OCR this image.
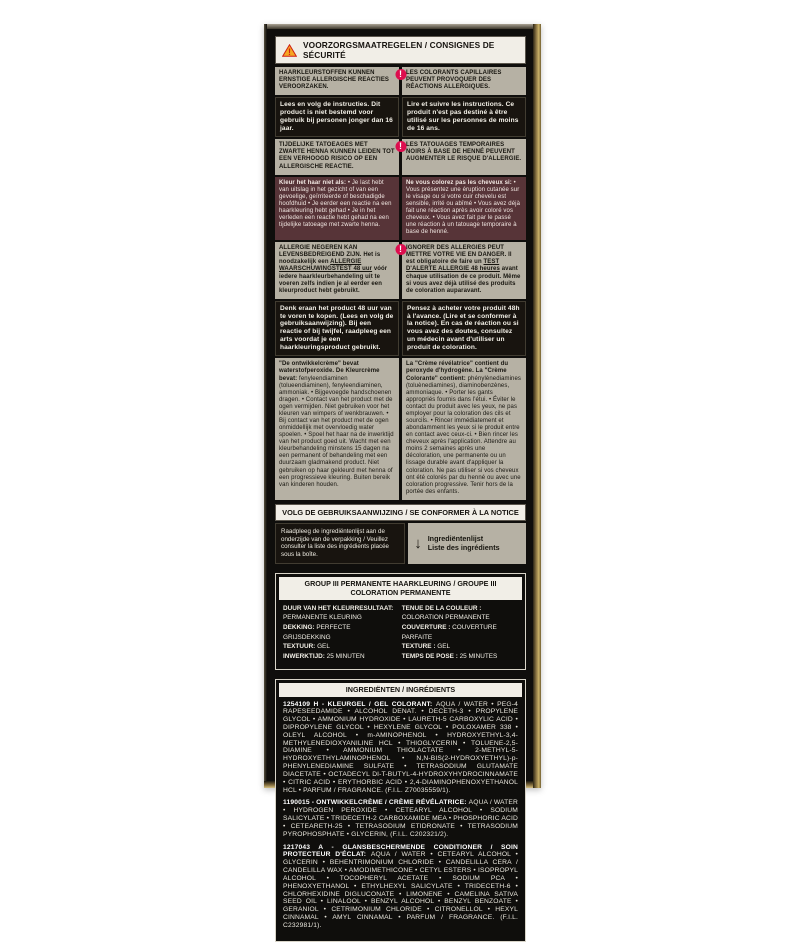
!
VOORZORGSMAATREGELEN / CONSIGNES DE SÉCURITÉ
!
HAARKLEURSTOFFEN KUNNEN ERNSTIGE ALLERGISCHE REACTIES VEROORZAKEN.
LES COLORANTS CAPILLAIRES PEUVENT PROVOQUER DES RÉACTIONS ALLERGIQUES.
Lees en volg de instructies. Dit product is niet bestemd voor gebruik bij personen jonger dan 16 jaar.
Lire et suivre les instructions. Ce produit n'est pas destiné à être utilisé sur les personnes de moins de 16 ans.
!
TIJDELIJKE TATOEAGES MET ZWARTE HENNA KUNNEN LEIDEN TOT EEN VERHOOGD RISICO OP EEN ALLERGISCHE REACTIE.
LES TATOUAGES TEMPORAIRES NOIRS À BASE DE HENNÉ PEUVENT AUGMENTER LE RISQUE D'ALLERGIE.
Kleur het haar niet als: • Je last hebt van uitslag in het gezicht of van een gevoelige, geïrriteerde of beschadigde hoofdhuid • Je eerder een reactie na een haarkleuring hebt gehad • Je in het verleden een reactie hebt gehad na een tijdelijke tatoeage met zwarte henna.
Ne vous colorez pas les cheveux si: • Vous présentez une éruption cutanée sur le visage ou si votre cuir chevelu est sensible, irrité ou abîmé • Vous avez déjà fait une réaction après avoir coloré vos cheveux. • Vous avez fait par le passé une réaction à un tatouage temporaire à base de henné.
!
ALLERGIE NEGEREN KAN LEVENSBEDREIGEND ZIJN. Het is noodzakelijk een ALLERGIE WAARSCHUWINGSTEST 48 uur vóór iedere haarkleurbehandeling uit te voeren zelfs indien je al eerder een kleurproduct hebt gebruikt.
IGNORER DES ALLERGIES PEUT METTRE VOTRE VIE EN DANGER. Il est obligatoire de faire un TEST D'ALERTE ALLERGIE 48 heures avant chaque utilisation de ce produit. Même si vous avez déjà utilisé des produits de coloration auparavant.
Denk eraan het product 48 uur van te voren te kopen. (Lees en volg de gebruiksaanwijzing). Bij een reactie of bij twijfel, raadpleeg een arts voordat je een haarkleuringsproduct gebruikt.
Pensez à acheter votre produit 48h à l'avance. (Lire et se conformer à la notice). En cas de réaction ou si vous avez des doutes, consultez un médecin avant d'utiliser un produit de coloration.
"De ontwikkelcrème" bevat waterstofperoxide. De Kleurcrème bevat: fenyleendiaminen (tolueendiaminen), fenyleendiaminen, ammoniak. • Bijgevoegde handschoenen dragen. • Contact van het product met de ogen vermijden. Niet gebruiken voor het kleuren van wimpers of wenkbrauwen. • Bij contact van het product met de ogen onmiddellijk met overvloedig water spoelen. • Spoel het haar na de inwerktijd van het product goed uit. Wacht met een kleurbehandeling minstens 15 dagen na een permanent of behandeling met een duurzaam gladmakend product. Niet gebruiken op haar gekleurd met henna of een progressieve kleuring. Buiten bereik van kinderen houden.
La "Crème révélatrice" contient du peroxyde d'hydrogène. La "Crème Colorante" contient: phénylènediamines (toluènediamines), diaminobenzènes, ammoniaque. • Porter les gants appropriés fournis dans l'étui. • Éviter le contact du produit avec les yeux, ne pas employer pour la coloration des cils et sourcils. • Rincer immédiatement et abondamment les yeux si le produit entre en contact avec ceux-ci. • Bien rincer les cheveux après l'application. Attendre au moins 2 semaines après une décoloration, une permanente ou un lissage durable avant d'appliquer la coloration. Ne pas utiliser si vos cheveux ont été colorés par du henné ou avec une coloration progressive. Tenir hors de la portée des enfants.
VOLG DE GEBRUIKSAANWIJZING / SE CONFORMER À LA NOTICE
Raadpleeg de ingrediëntenlijst aan de onderzijde van de verpakking / Veuillez consulter la liste des ingrédients placée sous la boîte.
↓ Ingrediëntenlijst
Liste des ingrédients
GROUP III PERMANENTE HAARKLEURING / GROUPE III COLORATION PERMANENTE
DUUR VAN HET KLEURRESULTAAT:
PERMANENTE KLEURING
DEKKING: PERFECTE GRIJSDEKKING
TEXTUUR: GEL
INWERKTIJD: 25 MINUTEN
TENUE DE LA COULEUR :
COLORATION PERMANENTE
COUVERTURE : COUVERTURE PARFAITE
TEXTURE : GEL
TEMPS DE POSE : 25 MINUTES
INGREDIËNTEN / INGRÉDIENTS

1254109 H - KLEURGEL / GEL COLORANT: AQUA / WATER • PEG-4 RAPESEEDAMIDE • ALCOHOL DENAT. • DECETH-3 • PROPYLENE GLYCOL • AMMONIUM HYDROXIDE • LAURETH-5 CARBOXYLIC ACID • DIPROPYLENE GLYCOL • HEXYLENE GLYCOL • POLOXAMER 338 • OLEYL ALCOHOL • m-AMINOPHENOL • HYDROXYETHYL-3,4-METHYLENEDIOXYANILINE HCL • THIOGLYCERIN • TOLUENE-2,5-DIAMINE • AMMONIUM THIOLACTATE • 2-METHYL-5-HYDROXYETHYLAMINOPHENOL • N,N-BIS(2-HYDROXYETHYL)-p-PHENYLENEDIAMINE SULFATE • TETRASODIUM GLUTAMATE DIACETATE • OCTADECYL DI-T-BUTYL-4-HYDROXYHYDROCINNAMATE • CITRIC ACID • ERYTHORBIC ACID • 2,4-DIAMINOPHENOXYETHANOL HCL • PARFUM / FRAGRANCE. (F.I.L. Z70035559/1).

1190015 - ONTWIKKELCRÈME / CRÈME RÉVÉLATRICE: AQUA / WATER • HYDROGEN PEROXIDE • CETEARYL ALCOHOL • SODIUM SALICYLATE • TRIDECETH-2 CARBOXAMIDE MEA • PHOSPHORIC ACID • CETEARETH-25 • TETRASODIUM ETIDRONATE • TETRASODIUM PYROPHOSPHATE • GLYCERIN, (F.I.L. C202321/2).

1217043 A - GLANSBESCHERMENDE CONDITIONER / SOIN PROTECTEUR D'ÉCLAT: AQUA / WATER • CETEARYL ALCOHOL • GLYCERIN • BEHENTRIMONIUM CHLORIDE • CANDELILLA CERA / CANDELILLA WAX • AMODIMETHICONE • CETYL ESTERS • ISOPROPYL ALCOHOL • TOCOPHERYL ACETATE • SODIUM PCA • PHENOXYETHANOL • ETHYLHEXYL SALICYLATE • TRIDECETH-6 • CHLORHEXIDINE DIGLUCONATE • LIMONENE • CAMELINA SATIVA SEED OIL • LINALOOL • BENZYL ALCOHOL • BENZYL BENZOATE • GERANIOL • CETRIMONIUM CHLORIDE • CITRONELLOL • HEXYL CINNAMAL • AMYL CINNAMAL • PARFUM / FRAGRANCE. (F.I.L. C232981/1).
